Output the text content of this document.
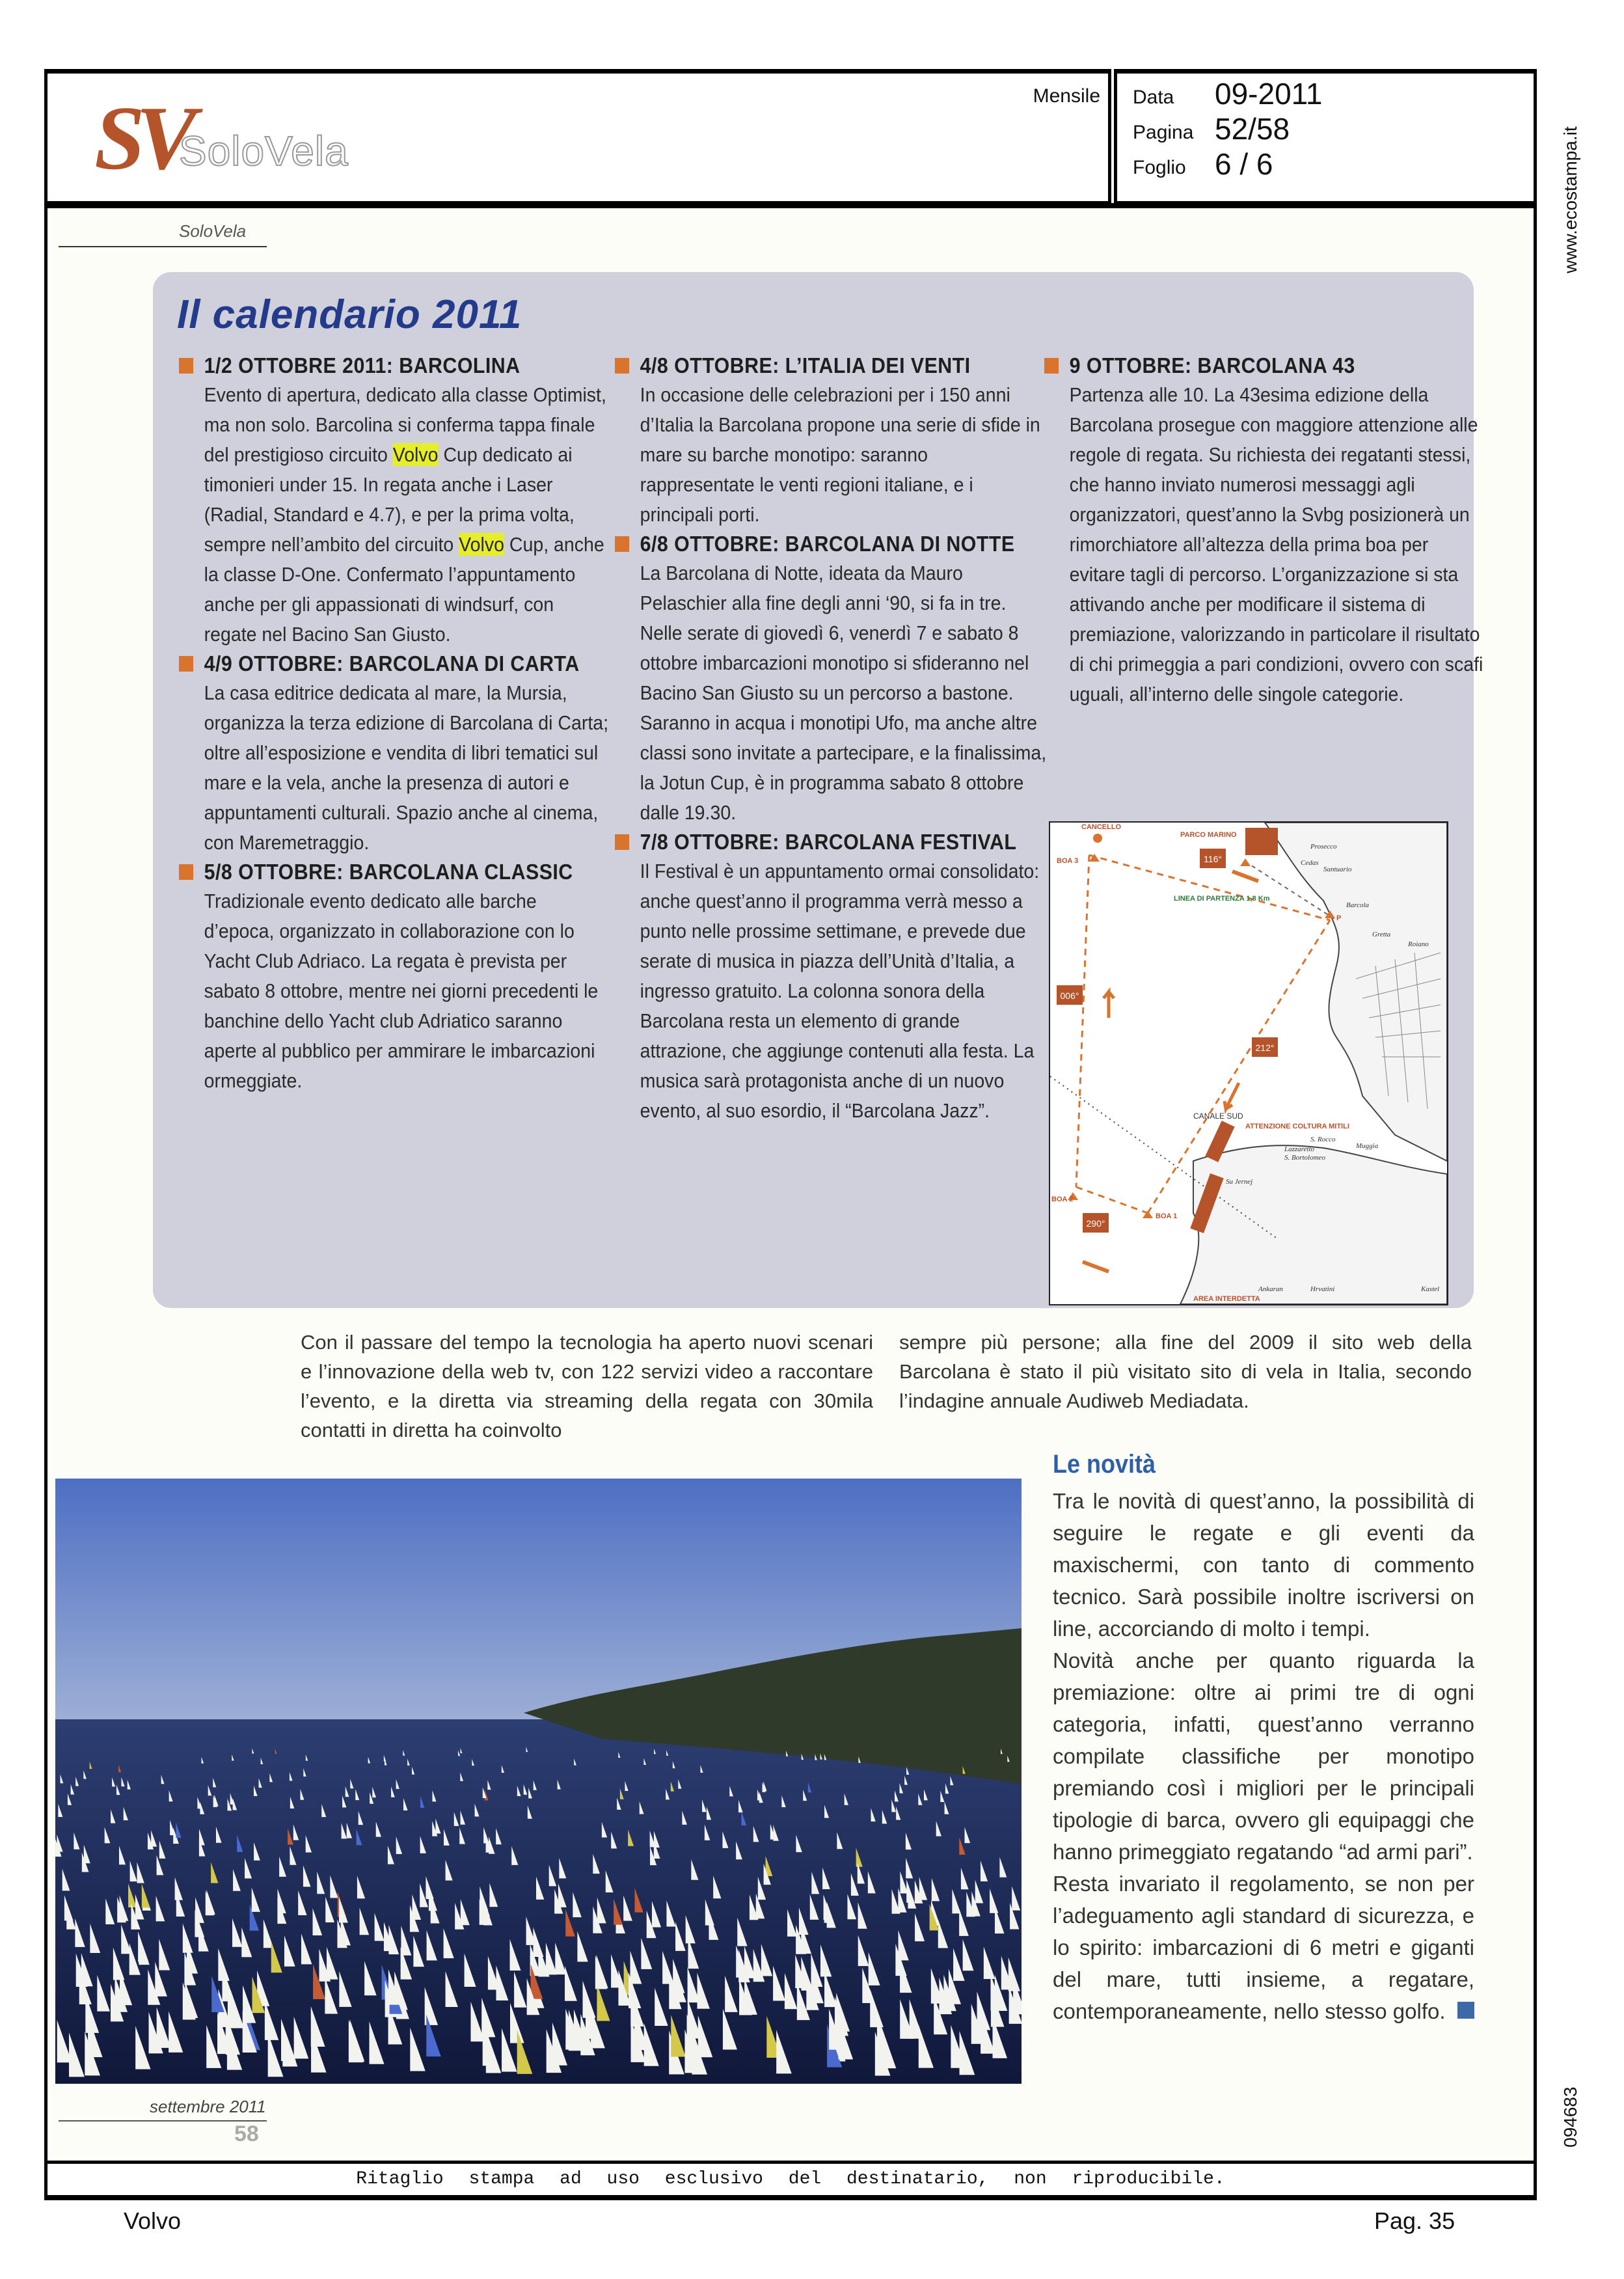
SV
SoloVela
Mensile Data 09-2011
Pagina 52/58
Foglio 6 / 6
SoloVela
Il calendario 2011
1/2 OTTOBRE 2011: BARCOLINA
Evento di apertura, dedicato alla classe Optimist, ma non solo. Barcolina si conferma tappa finale del prestigioso circuito Volvo Cup dedicato ai timonieri under 15. In regata anche i Laser (Radial, Standard e 4.7), e per la prima volta, sempre nell’ambito del circuito Volvo Cup, anche la classe D-One. Confermato l’appuntamento anche per gli appassionati di windsurf, con regate nel Bacino San Giusto.
4/9 OTTOBRE: BARCOLANA DI CARTA
La casa editrice dedicata al mare, la Mursia, organizza la terza edizione di Barcolana di Carta; oltre all’esposizione e vendita di libri tematici sul mare e la vela, anche la presenza di autori e appuntamenti culturali. Spazio anche al cinema, con Maremetraggio.
5/8 OTTOBRE: BARCOLANA CLASSIC
Tradizionale evento dedicato alle barche d’epoca, organizzato in collaborazione con lo Yacht Club Adriaco. La regata è prevista per sabato 8 ottobre, mentre nei giorni precedenti le banchine dello Yacht club Adriatico saranno aperte al pubblico per ammirare le imbarcazioni ormeggiate.
4/8 OTTOBRE: L’ITALIA DEI VENTI
In occasione delle celebrazioni per i 150 anni d’Italia la Barcolana propone una serie di sfide in mare su barche monotipo: saranno rappresentate le venti regioni italiane, e i principali porti.
6/8 OTTOBRE: BARCOLANA DI NOTTE
La Barcolana di Notte, ideata da Mauro Pelaschier alla fine degli anni ‘90, si fa in tre. Nelle serate di giovedì 6, venerdì 7 e sabato 8 ottobre imbarcazioni monotipo si sfideranno nel Bacino San Giusto su un percorso a bastone. Saranno in acqua i monotipi Ufo, ma anche altre classi sono invitate a partecipare, e la finalissima, la Jotun Cup, è in programma sabato 8 ottobre dalle 19.30.
7/8 OTTOBRE: BARCOLANA FESTIVAL
Il Festival è un appuntamento ormai consolidato: anche quest’anno il programma verrà messo a punto nelle prossime settimane, e prevede due serate di musica in piazza dell’Unità d’Italia, a ingresso gratuito. La colonna sonora della Barcolana resta un elemento di grande attrazione, che aggiunge contenuti alla festa. La musica sarà protagonista anche di un nuovo evento, al suo esordio, il “Barcolana Jazz”.
9 OTTOBRE: BARCOLANA 43
Partenza alle 10. La 43esima edizione della Barcolana prosegue con maggiore attenzione alle regole di regata. Su richiesta dei regatanti stessi, che hanno inviato numerosi messaggi agli organizzatori, quest’anno la Svbg posizionerà un rimorchiatore all’altezza della prima boa per evitare tagli di percorso. L’organizzazione si sta attivando anche per modificare il sistema di premiazione, valorizzando in particolare il risultato di chi primeggia a pari condizioni, ovvero con scafi uguali, all’interno delle singole categorie.
116°
006°
212°
290°
CANCELLO
PARCO MARINO
BOA 3
BOA 2
BOA 1
ATTENZIONE COLTURA MITILI
AREA INTERDETTA
P
LINEA DI PARTENZA 1,8 Km
CANALE SUD
Prosecco
Cedas
Santuario
Barcola
Gretta
Roiano
S. Rocco
Muggia
Lazzaretto
S. Bortolomeo
Ankaran	Hrvatini	Kastel
Su Jernej
Con il passare del tempo la tecnologia ha aperto nuovi scenari e l’innovazione della web tv, con 122 servizi video a raccontare l’evento, e la diretta via streaming della regata con 30mila contatti in diretta ha coinvolto
sempre più persone; alla fine del 2009 il sito web della Barcolana è stato il più visitato sito di vela in Italia, secondo l’indagine annuale Audiweb Mediadata.
Le novità
Tra le novità di quest’anno, la possibilità di seguire le regate e gli eventi da maxischermi, con tanto di commento tecnico. Sarà possibile inoltre iscriversi on line, accorciando di molto i tempi.
Novità anche per quanto riguarda la premiazione: oltre ai primi tre di ogni categoria, infatti, quest’anno verranno compilate classifiche per monotipo premiando così i migliori per le principali tipologie di barca, ovvero gli equipaggi che hanno primeggiato regatando “ad armi pari”.
Resta invariato il regolamento, se non per l’adeguamento agli standard di sicurezza, e lo spirito: imbarcazioni di 6 metri e giganti del mare, tutti insieme, a regatare, contemporaneamente, nello stesso golfo.
settembre 2011
58
Ritaglio stampa ad uso esclusivo del destinatario, non riproducibile.
www.ecostampa.it
094683
Volvo	Pag. 35
